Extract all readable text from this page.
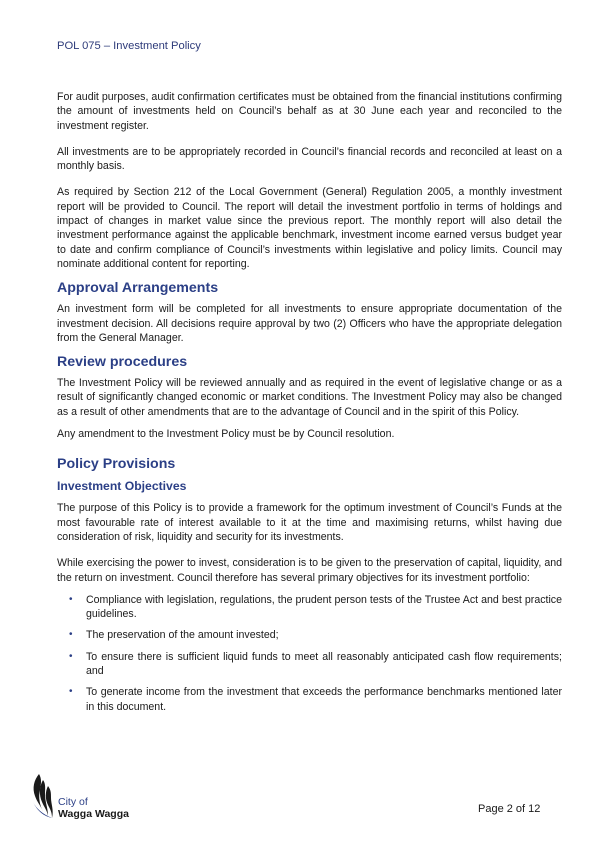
POL 075 – Investment Policy

For audit purposes, audit confirmation certificates must be obtained from the financial institutions confirming the amount of investments held on Council’s behalf as at 30 June each year and reconciled to the investment register.

All investments are to be appropriately recorded in Council’s financial records and reconciled at least on a monthly basis.

As required by Section 212 of the Local Government (General) Regulation 2005, a monthly investment report will be provided to Council. The report will detail the investment portfolio in terms of holdings and impact of changes in market value since the previous report. The monthly report will also detail the investment performance against the applicable benchmark, investment income earned versus budget year to date and confirm compliance of Council’s investments within legislative and policy limits. Council may nominate additional content for reporting.

Approval Arrangements

An investment form will be completed for all investments to ensure appropriate documentation of the investment decision. All decisions require approval by two (2) Officers who have the appropriate delegation from the General Manager.

Review procedures

The Investment Policy will be reviewed annually and as required in the event of legislative change or as a result of significantly changed economic or market conditions. The Investment Policy may also be changed as a result of other amendments that are to the advantage of Council and in the spirit of this Policy.

Any amendment to the Investment Policy must be by Council resolution.

Policy Provisions
Investment Objectives

The purpose of this Policy is to provide a framework for the optimum investment of Council’s Funds at the most favourable rate of interest available to it at the time and maximising returns, whilst having due consideration of risk, liquidity and security for its investments.

While exercising the power to invest, consideration is to be given to the preservation of capital, liquidity, and the return on investment. Council therefore has several primary objectives for its investment portfolio:

• Compliance with legislation, regulations, the prudent person tests of the Trustee Act and best practice guidelines.
• The preservation of the amount invested;
• To ensure there is sufficient liquid funds to meet all reasonably anticipated cash flow requirements; and
• To generate income from the investment that exceeds the performance benchmarks mentioned later in this document.
City of
Wagga Wagga	Page 2 of 12
